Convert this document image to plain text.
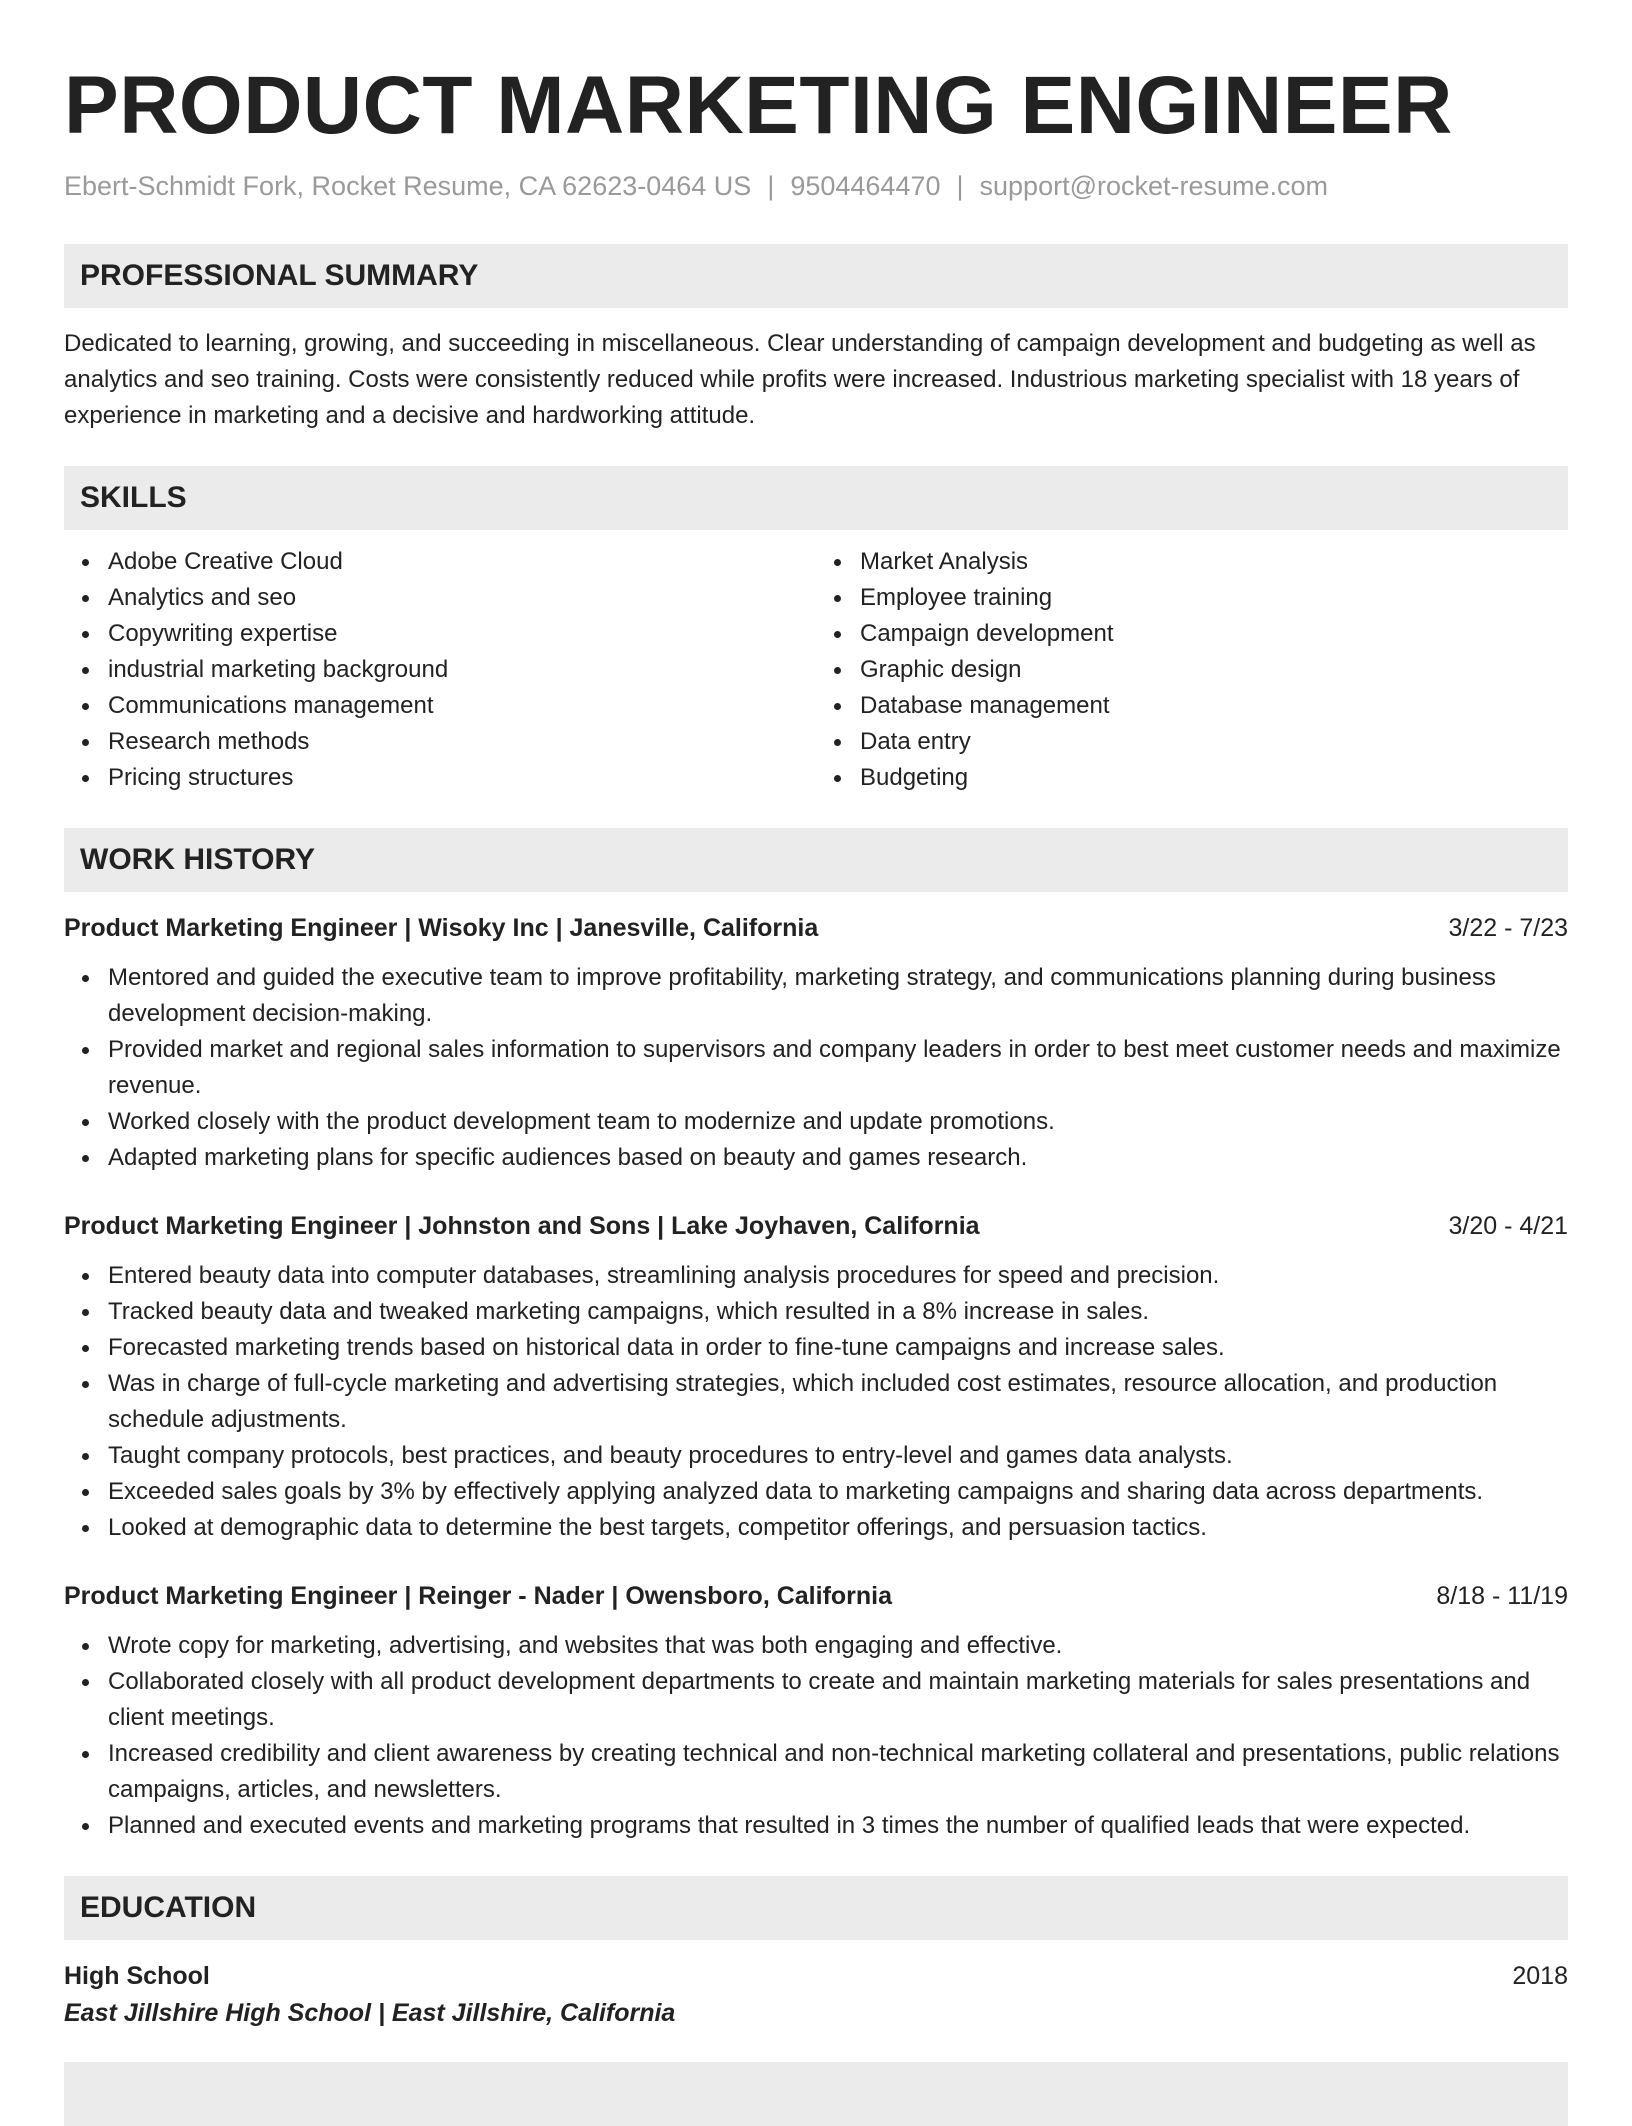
PRODUCT MARKETING ENGINEER
Ebert-Schmidt Fork, Rocket Resume, CA 62623-0464 US | 9504464470 | support@rocket-resume.com
PROFESSIONAL SUMMARY

Dedicated to learning, growing, and succeeding in miscellaneous. Clear understanding of campaign development and budgeting as well as analytics and seo training. Costs were consistently reduced while profits were increased. Industrious marketing specialist with 18 years of experience in marketing and a decisive and hardworking attitude.

SKILLS
Adobe Creative Cloud
Analytics and seo
Copywriting expertise
industrial marketing background
Communications management
Research methods
Pricing structures
Market Analysis
Employee training
Campaign development
Graphic design
Database management
Data entry
Budgeting
WORK HISTORY
Product Marketing Engineer | Wisoky Inc | Janesville, California	3/22 - 7/23
Mentored and guided the executive team to improve profitability, marketing strategy, and communications planning during business development decision-making.
Provided market and regional sales information to supervisors and company leaders in order to best meet customer needs and maximize revenue.
Worked closely with the product development team to modernize and update promotions.
Adapted marketing plans for specific audiences based on beauty and games research.
Product Marketing Engineer | Johnston and Sons | Lake Joyhaven, California	3/20 - 4/21
Entered beauty data into computer databases, streamlining analysis procedures for speed and precision.
Tracked beauty data and tweaked marketing campaigns, which resulted in a 8% increase in sales.
Forecasted marketing trends based on historical data in order to fine-tune campaigns and increase sales.
Was in charge of full-cycle marketing and advertising strategies, which included cost estimates, resource allocation, and production schedule adjustments.
Taught company protocols, best practices, and beauty procedures to entry-level and games data analysts.
Exceeded sales goals by 3% by effectively applying analyzed data to marketing campaigns and sharing data across departments.
Looked at demographic data to determine the best targets, competitor offerings, and persuasion tactics.
Product Marketing Engineer | Reinger - Nader | Owensboro, California	8/18 - 11/19
Wrote copy for marketing, advertising, and websites that was both engaging and effective.
Collaborated closely with all product development departments to create and maintain marketing materials for sales presentations and client meetings.
Increased credibility and client awareness by creating technical and non-technical marketing collateral and presentations, public relations campaigns, articles, and newsletters.
Planned and executed events and marketing programs that resulted in 3 times the number of qualified leads that were expected.
EDUCATION
High School	2018
East Jillshire High School | East Jillshire, California
